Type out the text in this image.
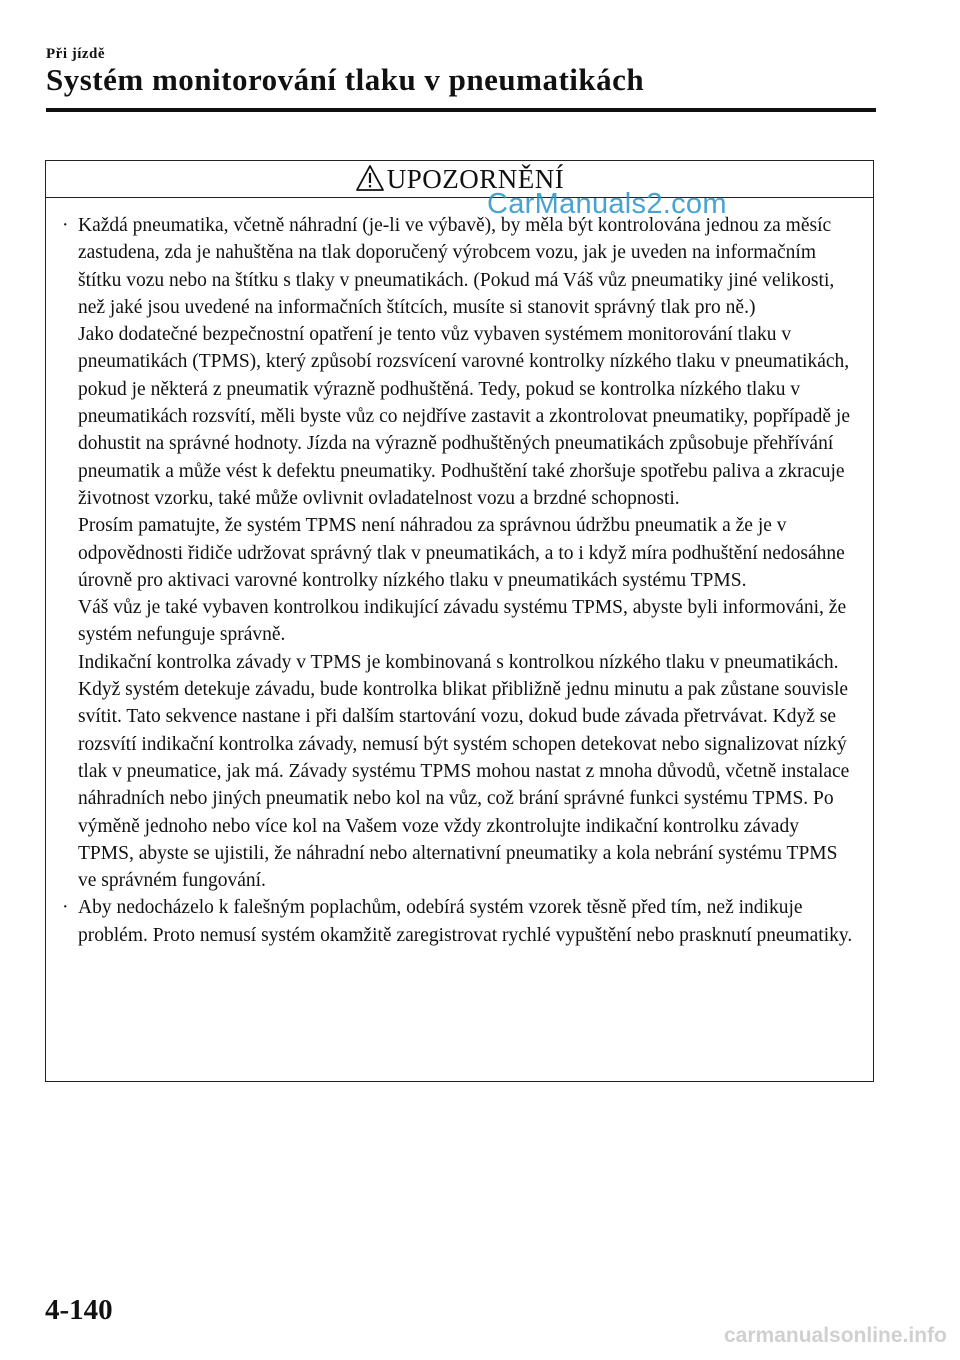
Při jízdě
Systém monitorování tlaku v pneumatikách
UPOZORNĚNÍ
· Každá pneumatika, včetně náhradní (je-li ve výbavě), by měla být kontrolována jednou za měsíc zastudena, zda je nahuštěna na tlak doporučený výrobcem vozu, jak je uveden na informačním štítku vozu nebo na štítku s tlaky v pneumatikách. (Pokud má Váš vůz pneumatiky jiné velikosti, než jaké jsou uvedené na informačních štítcích, musíte si stanovit správný tlak pro ně.)

Jako dodatečné bezpečnostní opatření je tento vůz vybaven systémem monitorování tlaku v pneumatikách (TPMS), který způsobí rozsvícení varovné kontrolky nízkého tlaku v pneumatikách, pokud je některá z pneumatik výrazně podhuštěná. Tedy, pokud se kontrolka nízkého tlaku v pneumatikách rozsvítí, měli byste vůz co nejdříve zastavit a zkontrolovat pneumatiky, popřípadě je dohustit na správné hodnoty. Jízda na výrazně podhuštěných pneumatikách způsobuje přehřívání pneumatik a může vést k defektu pneumatiky. Podhuštění také zhoršuje spotřebu paliva a zkracuje životnost vzorku, také může ovlivnit ovladatelnost vozu a brzdné schopnosti.

Prosím pamatujte, že systém TPMS není náhradou za správnou údržbu pneumatik a že je v odpovědnosti řidiče udržovat správný tlak v pneumatikách, a to i když míra podhuštění nedosáhne úrovně pro aktivaci varovné kontrolky nízkého tlaku v pneumatikách systému TPMS.

Váš vůz je také vybaven kontrolkou indikující závadu systému TPMS, abyste byli informováni, že systém nefunguje správně.

Indikační kontrolka závady v TPMS je kombinovaná s kontrolkou nízkého tlaku v pneumatikách. Když systém detekuje závadu, bude kontrolka blikat přibližně jednu minutu a pak zůstane souvisle svítit. Tato sekvence nastane i při dalším startování vozu, dokud bude závada přetrvávat. Když se rozsvítí indikační kontrolka závady, nemusí být systém schopen detekovat nebo signalizovat nízký tlak v pneumatice, jak má. Závady systému TPMS mohou nastat z mnoha důvodů, včetně instalace náhradních nebo jiných pneumatik nebo kol na vůz, což brání správné funkci systému TPMS. Po výměně jednoho nebo více kol na Vašem voze vždy zkontrolujte indikační kontrolku závady TPMS, abyste se ujistili, že náhradní nebo alternativní pneumatiky a kola nebrání systému TPMS ve správném fungování.

· Aby nedocházelo k falešným poplachům, odebírá systém vzorek těsně před tím, než indikuje problém. Proto nemusí systém okamžitě zaregistrovat rychlé vypuštění nebo prasknutí pneumatiky.

CarManuals2.com
4-140
carmanualsonline.info
